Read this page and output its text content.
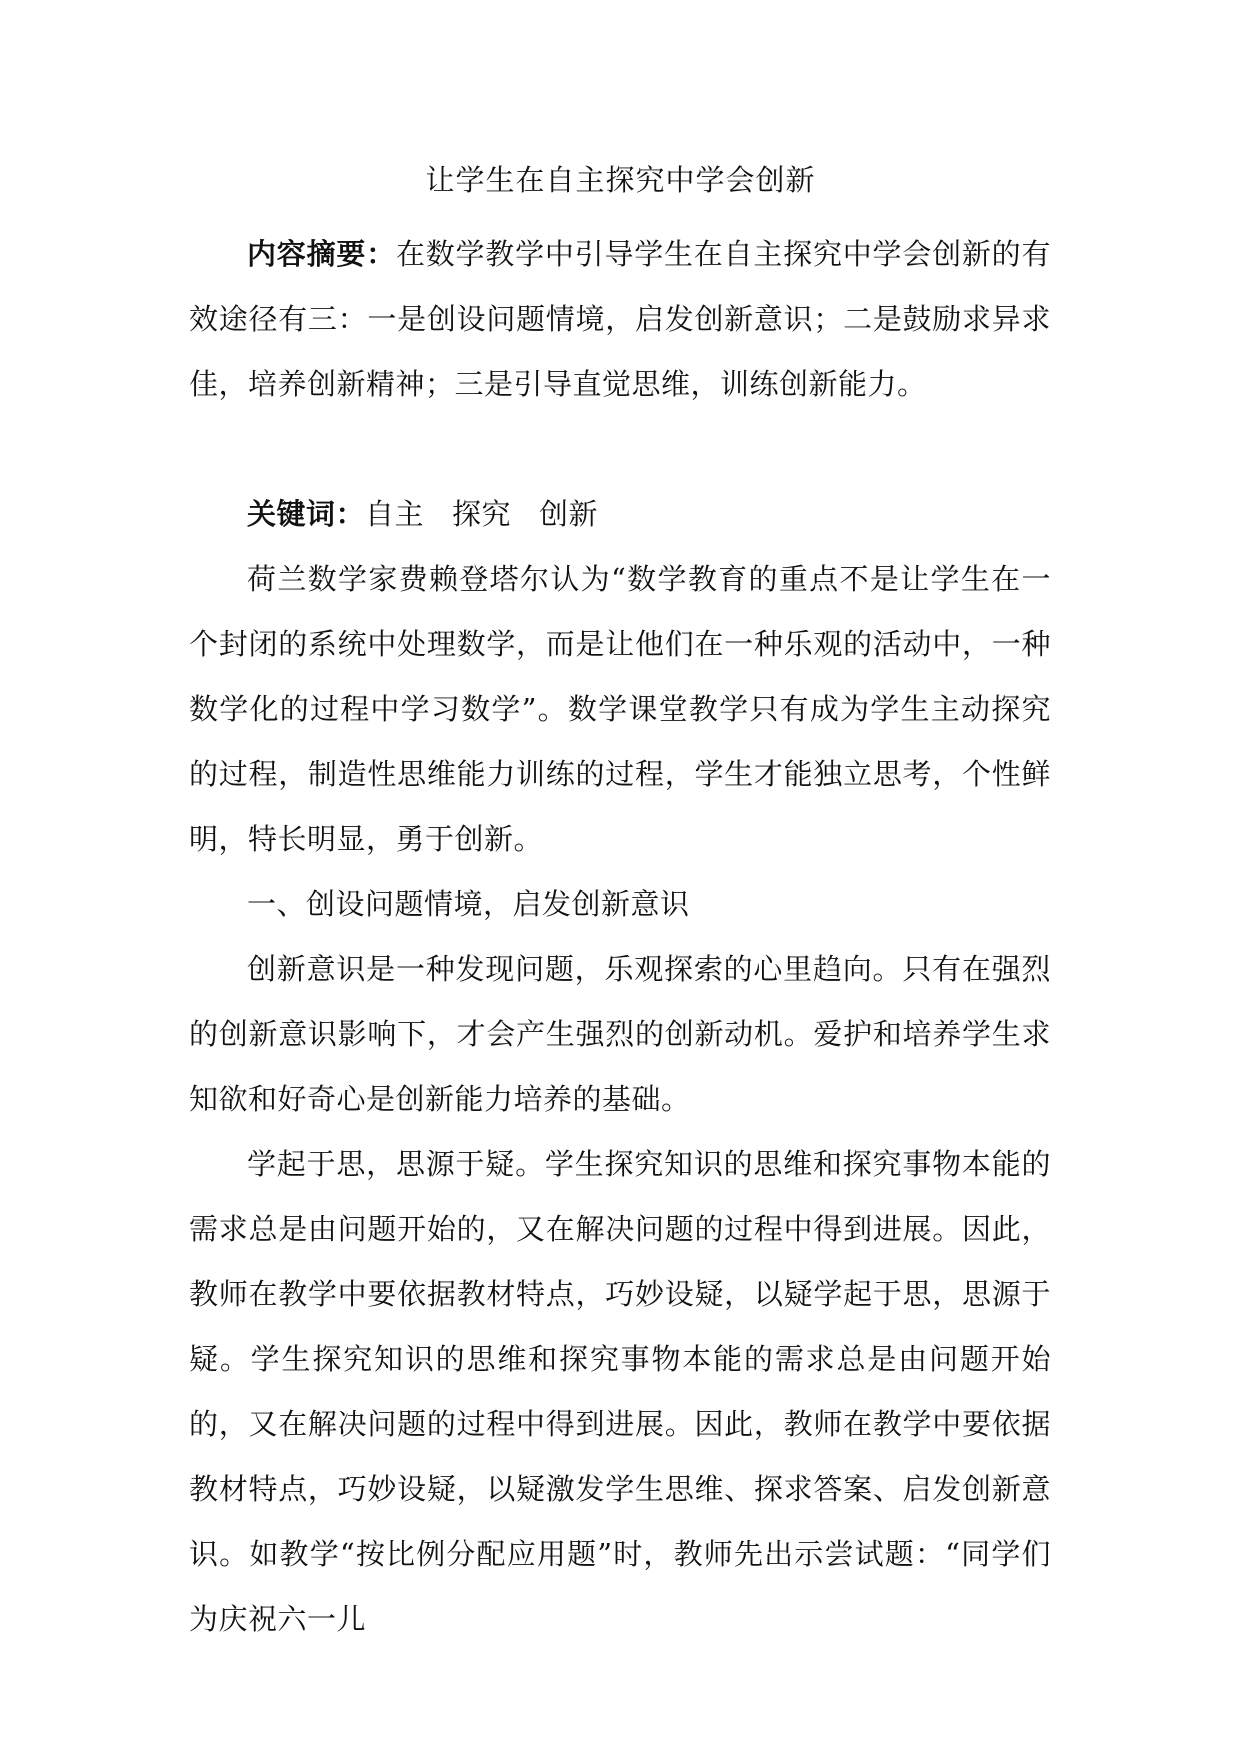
让学生在自主探究中学会创新

内容摘要：在数学教学中引导学生在自主探究中学会创新的有效途径有三：一是创设问题情境，启发创新意识；二是鼓励求异求佳，培养创新精神；三是引导直觉思维，训练创新能力。

关键词：自主 探究 创新

荷兰数学家费赖登塔尔认为“数学教育的重点不是让学生在一个封闭的系统中处理数学，而是让他们在一种乐观的活动中，一种数学化的过程中学习数学”。数学课堂教学只有成为学生主动探究的过程，制造性思维能力训练的过程，学生才能独立思考，个性鲜明，特长明显，勇于创新。

一、创设问题情境，启发创新意识

创新意识是一种发现问题，乐观探索的心里趋向。只有在强烈的创新意识影响下，才会产生强烈的创新动机。爱护和培养学生求知欲和好奇心是创新能力培养的基础。

学起于思，思源于疑。学生探究知识的思维和探究事物本能的需求总是由问题开始的，又在解决问题的过程中得到进展。因此，教师在教学中要依据教材特点，巧妙设疑，以疑学起于思，思源于疑。学生探究知识的思维和探究事物本能的需求总是由问题开始的，又在解决问题的过程中得到进展。因此，教师在教学中要依据教材特点，巧妙设疑，以疑激发学生思维、探求答案、启发创新意识。如教学“按比例分配应用题”时，教师先出示尝试题：“同学们为庆祝六一儿
